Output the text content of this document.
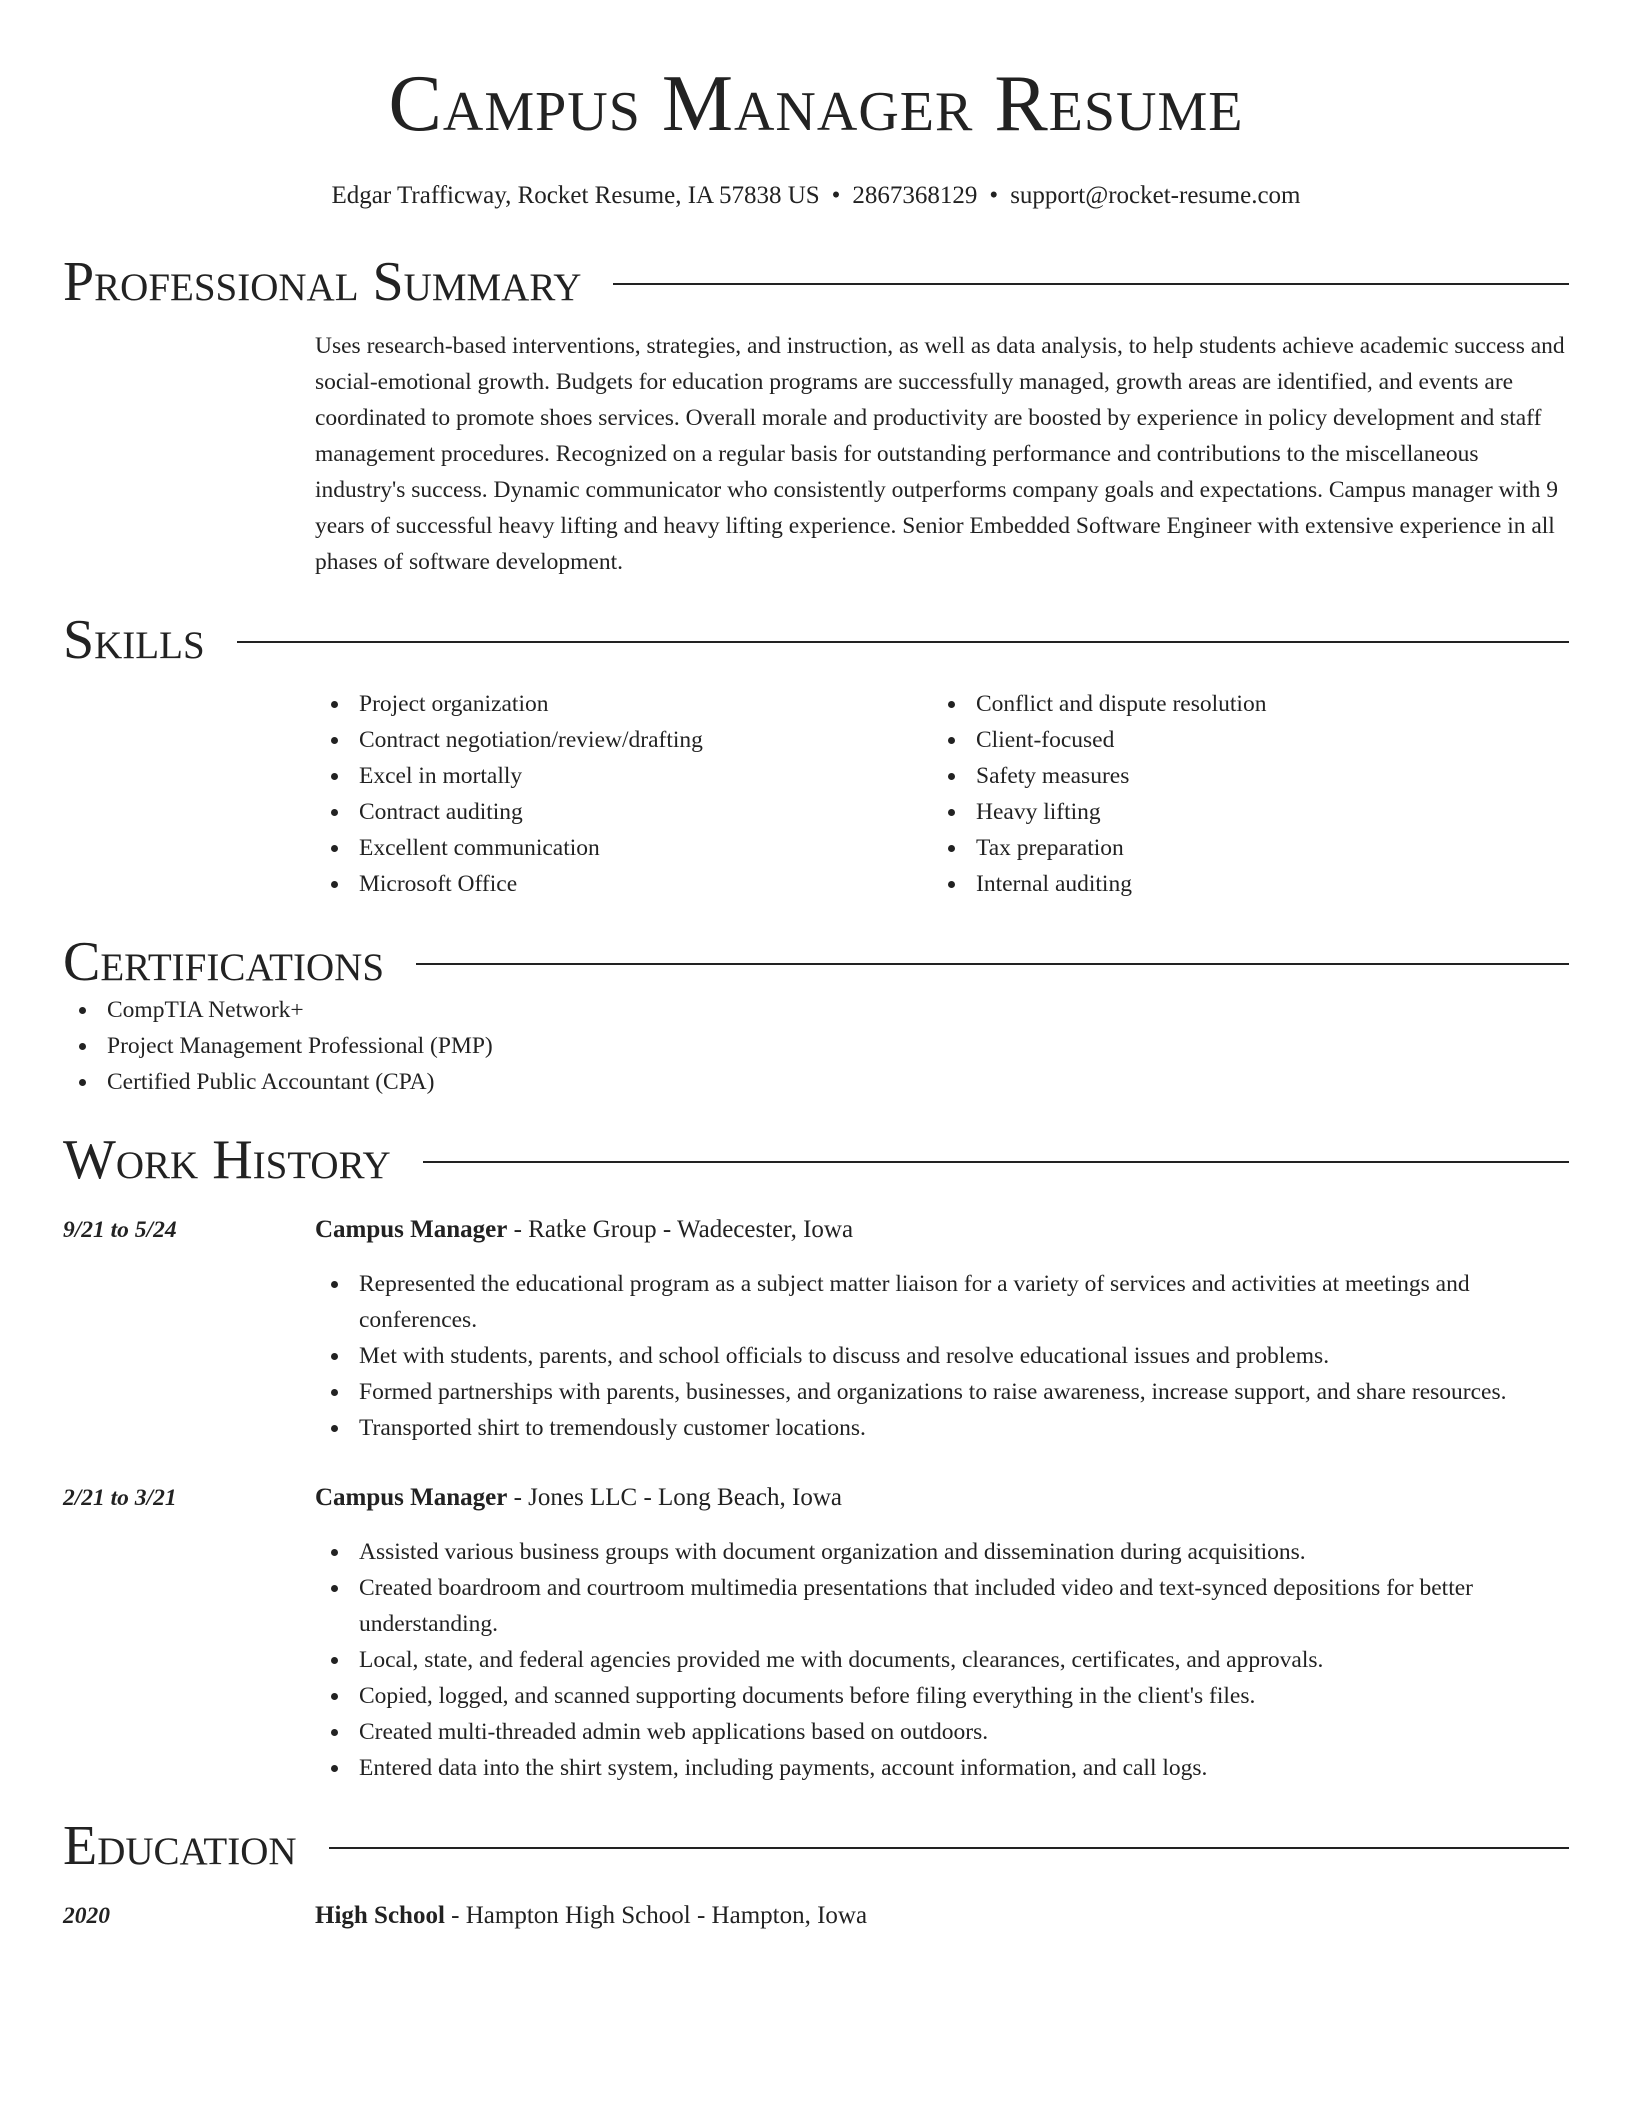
Campus Manager Resume
Edgar Trafficway, Rocket Resume, IA 57838 US • 2867368129 • support@rocket-resume.com
Professional Summary
Uses research-based interventions, strategies, and instruction, as well as data analysis, to help students achieve academic success and social-emotional growth. Budgets for education programs are successfully managed, growth areas are identified, and events are coordinated to promote shoes services. Overall morale and productivity are boosted by experience in policy development and staff management procedures. Recognized on a regular basis for outstanding performance and contributions to the miscellaneous industry's success. Dynamic communicator who consistently outperforms company goals and expectations. Campus manager with 9 years of successful heavy lifting and heavy lifting experience. Senior Embedded Software Engineer with extensive experience in all phases of software development.
Skills
Project organization
Contract negotiation/review/drafting
Excel in mortally
Contract auditing
Excellent communication
Microsoft Office
Conflict and dispute resolution
Client-focused
Safety measures
Heavy lifting
Tax preparation
Internal auditing
Certifications
CompTIA Network+
Project Management Professional (PMP)
Certified Public Accountant (CPA)
Work History
9/21 to 5/24	Campus Manager - Ratke Group - Wadecester, Iowa
Represented the educational program as a subject matter liaison for a variety of services and activities at meetings and conferences.
Met with students, parents, and school officials to discuss and resolve educational issues and problems.
Formed partnerships with parents, businesses, and organizations to raise awareness, increase support, and share resources.
Transported shirt to tremendously customer locations.
2/21 to 3/21	Campus Manager - Jones LLC - Long Beach, Iowa
Assisted various business groups with document organization and dissemination during acquisitions.
Created boardroom and courtroom multimedia presentations that included video and text-synced depositions for better understanding.
Local, state, and federal agencies provided me with documents, clearances, certificates, and approvals.
Copied, logged, and scanned supporting documents before filing everything in the client's files.
Created multi-threaded admin web applications based on outdoors.
Entered data into the shirt system, including payments, account information, and call logs.
Education
2020	High School - Hampton High School - Hampton, Iowa
